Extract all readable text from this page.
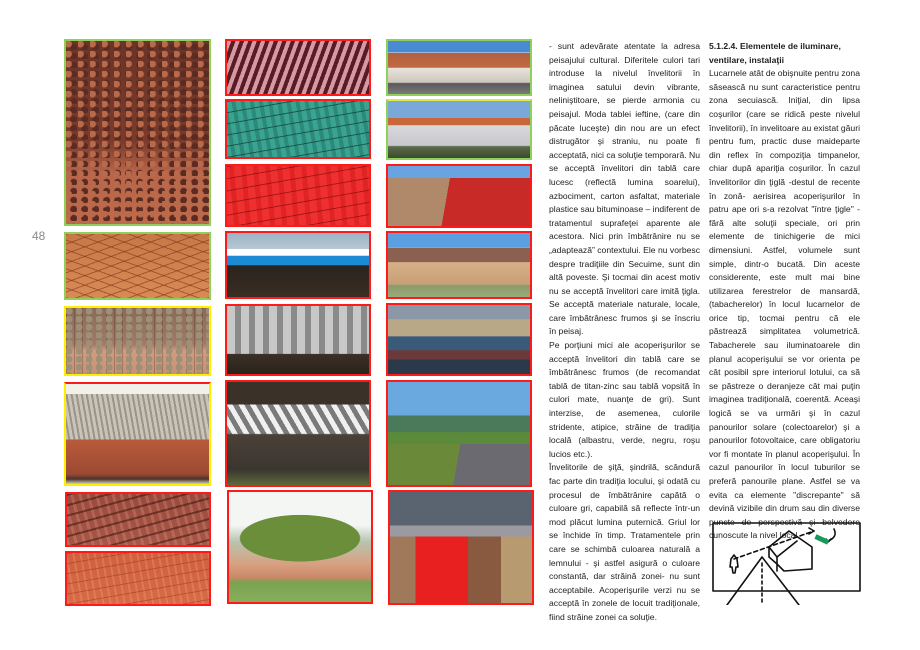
48

- sunt adevărate atentate la adresa peisajului cultural. Diferitele culori tari introduse la nivelul învelitorii în imaginea satului devin vibrante, neliniştitoare, se pierde armonia cu peisajul. Moda tablei ieftine, (care din păcate luceşte) din nou are un efect distrugător şi straniu, nu poate fi acceptată, nici ca soluţie temporară. Nu se acceptă învelitori din tablă care lucesc (reflectă lumina soarelui), azbociment, carton asfaltat, materiale plastice sau bituminoase – indiferent de tratamentul suprafeţei aparente ale acestora. Nici prin îmbătrânire nu se „adaptează” contextului. Ele nu vorbesc despre tradiţiile din Secuime, sunt din altă poveste. Şi tocmai din acest motiv nu se acceptă învelitori care imită ţigla. Se acceptă materiale naturale, locale, care îmbătrânesc frumos şi se înscriu în peisaj.

Pe porţiuni mici ale acoperişurilor se acceptă învelitori din tablă care se îmbătrânesc frumos (de recomandat tablă de titan-zinc sau tablă vopsită în culori mate, nuanţe de gri). Sunt interzise, de asemenea, culorile stridente, atipice, străine de tradiţia locală (albastru, verde, negru, roşu lucios etc.).

Învelitorile de şiţă, şindrilă, scândură fac parte din tradiţia locului, şi odată cu procesul de îmbătrânire capătă o culoare gri, capabilă să reflecte într-un mod plăcut lumina puternică. Griul lor se închide în timp. Tratamentele prin care se schimbă culoarea naturală a lemnului - şi astfel asigură o culoare constantă, dar străină zonei- nu sunt acceptabile. Acoperişurile verzi nu se acceptă în zonele de locuit tradiţionale, fiind străine zonei ca soluţie.

5.1.2.4. Elementele de iluminare, ventilare, instalaţii

Lucarnele atât de obişnuite pentru zona săsească nu sunt caracteristice pentru zona secuiască. Iniţial, din lipsa coşurilor (care se ridică peste nivelul învelitorii), în invelitoare au existat găuri pentru fum, practic duse maideparte din reflex în compoziţia timpanelor, chiar după apariţia coşurilor. În cazul învelitorilor din ţiglă -destul de recente în zonă- aerisirea acoperişurilor în patru ape ori s-a rezolvat "între ţigle" -fără alte soluţii speciale, ori prin elemente de tinichigerie de mici dimensiuni. Astfel, volumele sunt simple, dintr-o bucată. Din aceste considerente, este mult mai bine utilizarea ferestrelor de mansardă, (tabacherelor) în locul lucarnelor de orice tip, tocmai pentru că ele păstrează simplitatea volumetrică. Tabacherele sau iluminatoarele din planul acoperişului se vor orienta pe cât posibil spre interiorul lotului, ca să se păstreze o deranjeze cât mai puţin imaginea tradiţională, coerentă. Aceaşi logică se va urmări şi în cazul panourilor solare (colectoarelor) şi a panourilor fotovoltaice, care obligatoriu vor fi montate în planul acoperişului. În cazul panourilor în locul tuburilor se preferă panourile plane. Astfel se va evita ca elemente "discrepante" să devină vizibile din drum sau din diverse puncte de perspectivă şi belvedere cunoscute la nivel local.
